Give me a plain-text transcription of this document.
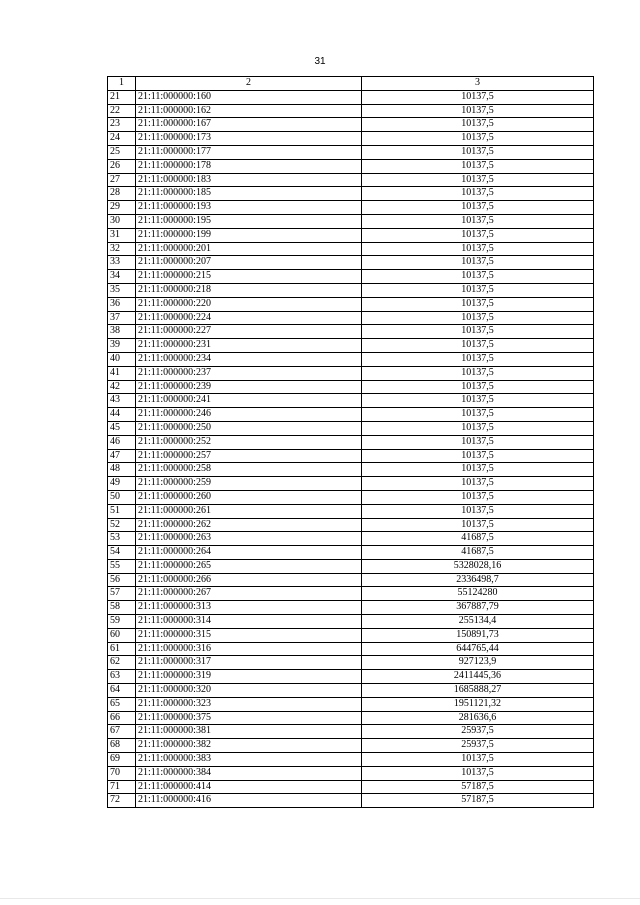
31
1	2	3
21	21:11:000000:160	10137,5
22	21:11:000000:162	10137,5
23	21:11:000000:167	10137,5
24	21:11:000000:173	10137,5
25	21:11:000000:177	10137,5
26	21:11:000000:178	10137,5
27	21:11:000000:183	10137,5
28	21:11:000000:185	10137,5
29	21:11:000000:193	10137,5
30	21:11:000000:195	10137,5
31	21:11:000000:199	10137,5
32	21:11:000000:201	10137,5
33	21:11:000000:207	10137,5
34	21:11:000000:215	10137,5
35	21:11:000000:218	10137,5
36	21:11:000000:220	10137,5
37	21:11:000000:224	10137,5
38	21:11:000000:227	10137,5
39	21:11:000000:231	10137,5
40	21:11:000000:234	10137,5
41	21:11:000000:237	10137,5
42	21:11:000000:239	10137,5
43	21:11:000000:241	10137,5
44	21:11:000000:246	10137,5
45	21:11:000000:250	10137,5
46	21:11:000000:252	10137,5
47	21:11:000000:257	10137,5
48	21:11:000000:258	10137,5
49	21:11:000000:259	10137,5
50	21:11:000000:260	10137,5
51	21:11:000000:261	10137,5
52	21:11:000000:262	10137,5
53	21:11:000000:263	41687,5
54	21:11:000000:264	41687,5
55	21:11:000000:265	5328028,16
56	21:11:000000:266	2336498,7
57	21:11:000000:267	55124280
58	21:11:000000:313	367887,79
59	21:11:000000:314	255134,4
60	21:11:000000:315	150891,73
61	21:11:000000:316	644765,44
62	21:11:000000:317	927123,9
63	21:11:000000:319	2411445,36
64	21:11:000000:320	1685888,27
65	21:11:000000:323	1951121,32
66	21:11:000000:375	281636,6
67	21:11:000000:381	25937,5
68	21:11:000000:382	25937,5
69	21:11:000000:383	10137,5
70	21:11:000000:384	10137,5
71	21:11:000000:414	57187,5
72	21:11:000000:416	57187,5
